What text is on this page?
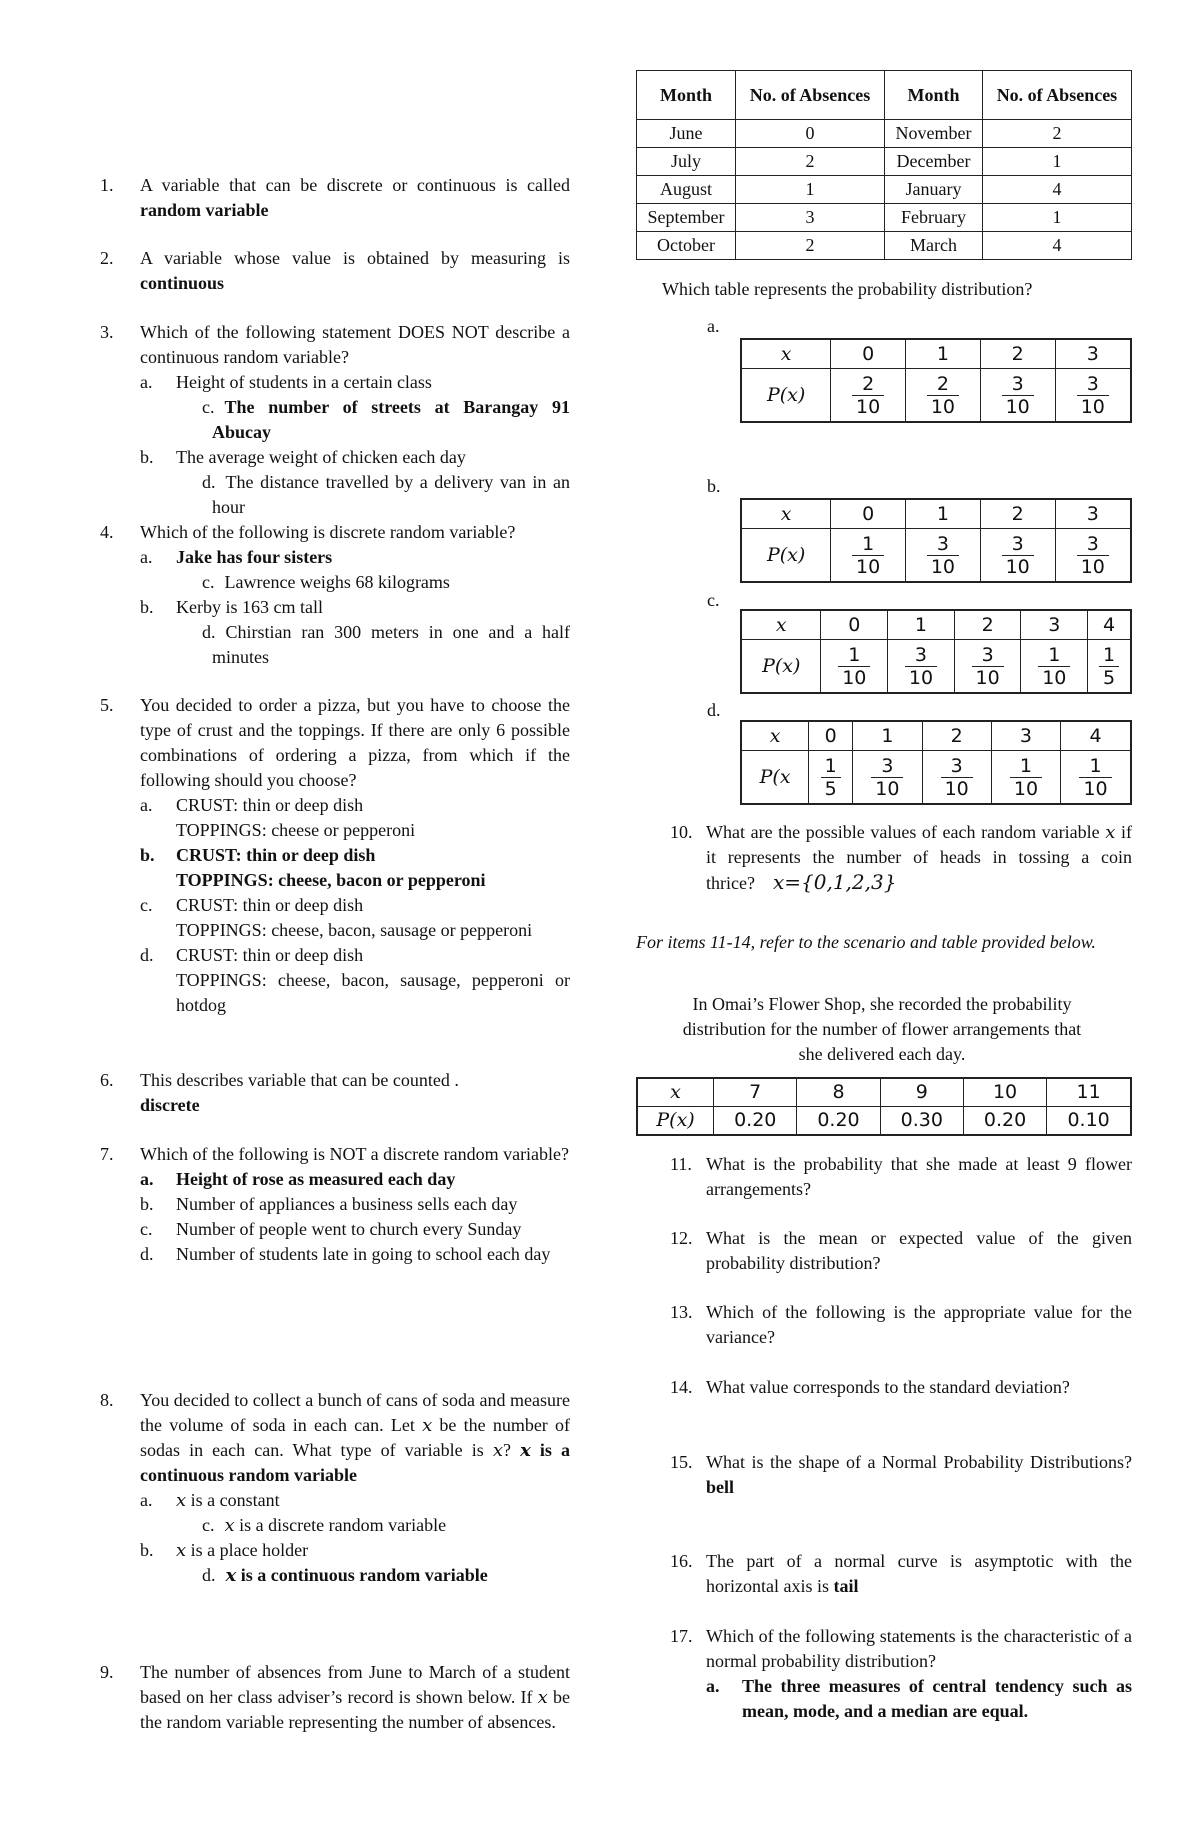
1.	A variable that can be discrete or continuous is called random variable
2.	A variable whose value is obtained by measuring is continuous
3.	Which of the following statement DOES NOT describe a continuous random variable?
a. Height of students in a certain class
c. The number of streets at Barangay 91 Abucay
b. The average weight of chicken each day
d. The distance travelled by a delivery van in an hour
4.	Which of the following is discrete random variable?
a. Jake has four sisters
c. Lawrence weighs 68 kilograms
b. Kerby is 163 cm tall
d. Chirstian ran 300 meters in one and a half minutes
5.	You decided to order a pizza, but you have to choose the type of crust and the toppings. If there are only 6 possible combinations of ordering a pizza, from which if the following should you choose?
a. CRUST: thin or deep dish
TOPPINGS: cheese or pepperoni
b. CRUST: thin or deep dish
TOPPINGS: cheese, bacon or pepperoni
c. CRUST: thin or deep dish
TOPPINGS: cheese, bacon, sausage or pepperoni
d. CRUST: thin or deep dish
TOPPINGS: cheese, bacon, sausage, pepperoni or hotdog
6.	This describes variable that can be counted .
discrete
7.	Which of the following is NOT a discrete random variable?
a. Height of rose as measured each day
b. Number of appliances a business sells each day
c. Number of people went to church every Sunday
d. Number of students late in going to school each day
8.	You decided to collect a bunch of cans of soda and measure the volume of soda in each can. Let x be the number of sodas in each can. What type of variable is x? x is a continuous random variable
a. x is a constant
c. x is a discrete random variable
b. x is a place holder
d. x is a continuous random variable
9.	The number of absences from June to March of a student based on her class adviser’s record is shown below. If x be the random variable representing the number of absences.
Month	No. of Absences	Month	No. of Absences
June	0	November	2
July	2	December	1
August	1	January	4
September	3	February	1
October	2	March	4
Which table represents the probability distribution?
a.
x	0	1	2	3
P(x)	$\frac{2}{10}$	$\frac{2}{10}$	$\frac{3}{10}$	$\frac{3}{10}$
b.
x	0	1	2	3
P(x)	$\frac{1}{10}$	$\frac{3}{10}$	$\frac{3}{10}$	$\frac{3}{10}$
c.
x	0	1	2	3	4
P(x)	$\frac{1}{10}$	$\frac{3}{10}$	$\frac{3}{10}$	$\frac{1}{10}$	$\frac{1}{5}$
d.
x	0	1	2	3	4
P(x	$\frac{1}{5}$	$\frac{3}{10}$	$\frac{3}{10}$	$\frac{1}{10}$	$\frac{1}{10}$
10. What are the possible values of each random variable x if it represents the number of heads in tossing a coin thrice? x={0,1,2,3}
For items 11-14, refer to the scenario and table provided below.
In Omai’s Flower Shop, she recorded the probability distribution for the number of flower arrangements that she delivered each day.
x	7	8	9	10	11
P(x)	0.20	0.20	0.30	0.20	0.10
11. What is the probability that she made at least 9 flower arrangements?
12. What is the mean or expected value of the given probability distribution?
13. Which of the following is the appropriate value for the variance?
14. What value corresponds to the standard deviation?
15. What is the shape of a Normal Probability Distributions? bell
16. The part of a normal curve is asymptotic with the horizontal axis is tail
17. Which of the following statements is the characteristic of a normal probability distribution?
a. The three measures of central tendency such as mean, mode, and a median are equal.
